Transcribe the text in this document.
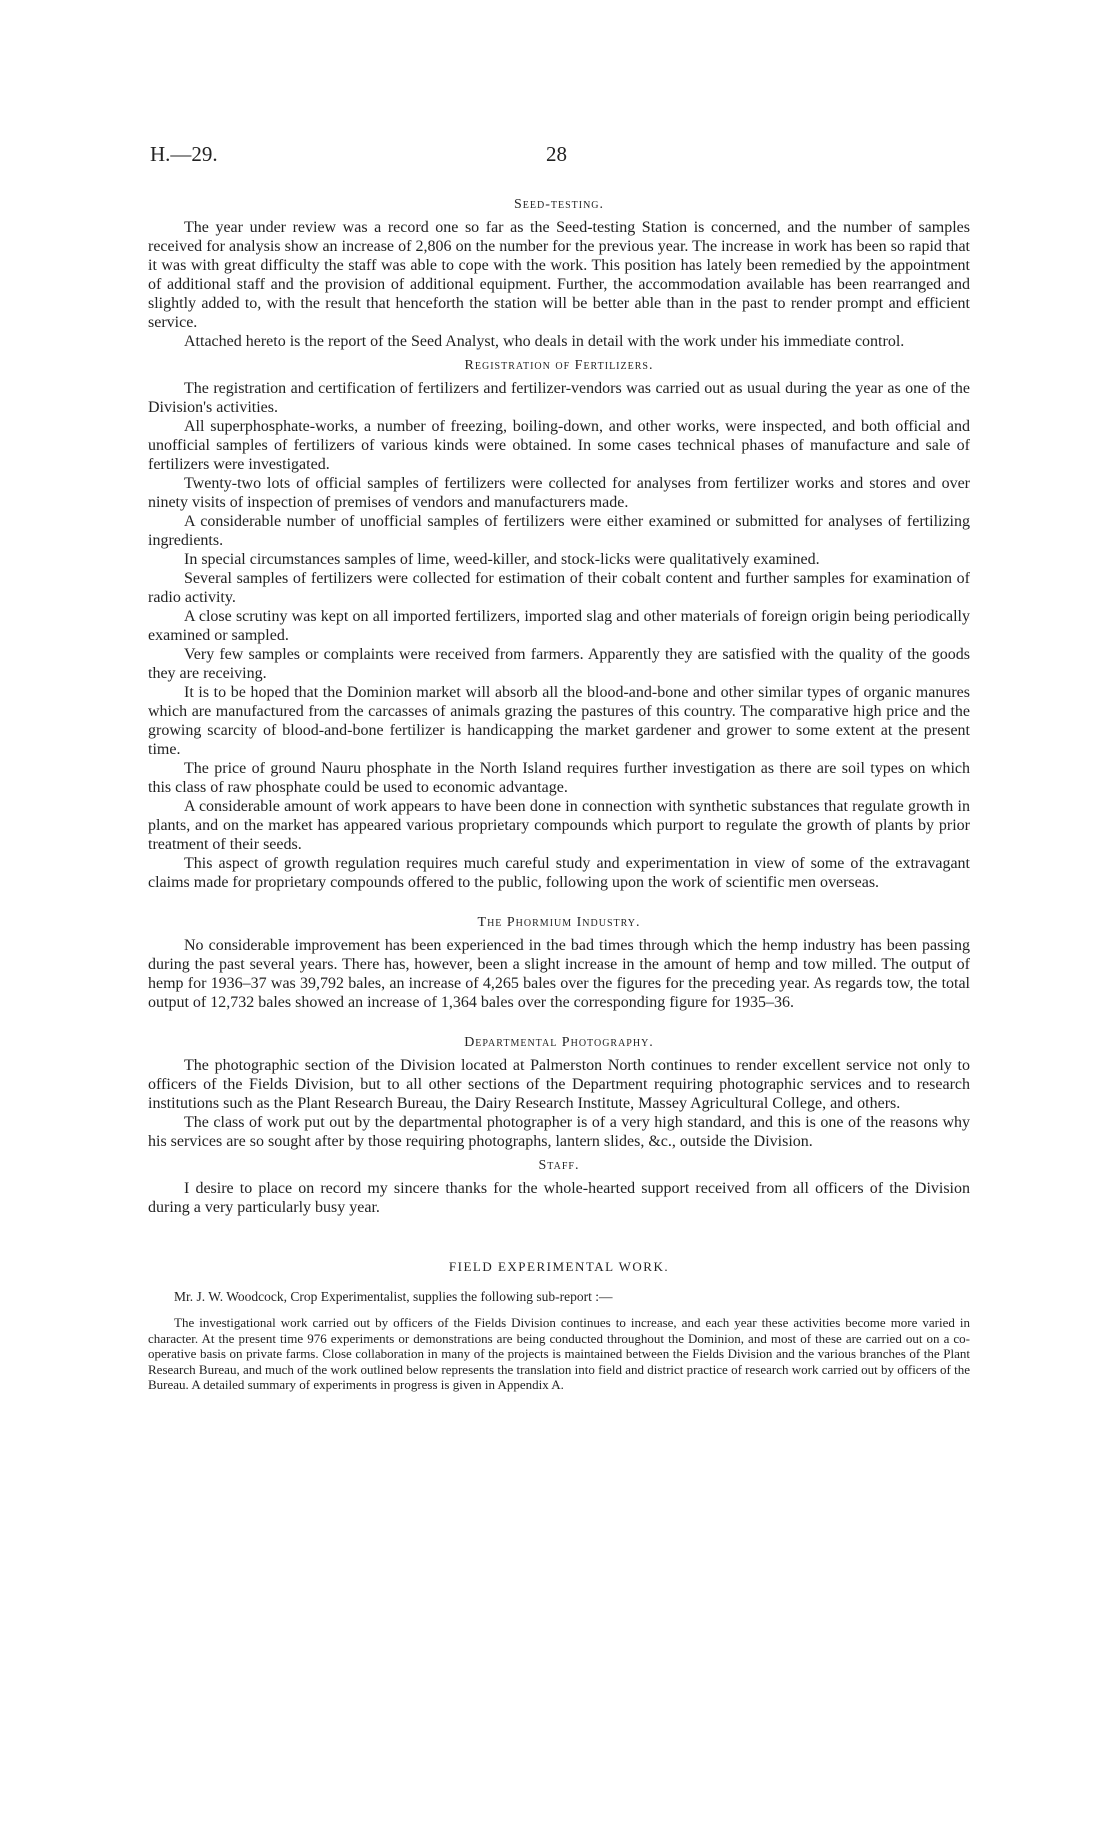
H.—29.	28
Seed-testing.

The year under review was a record one so far as the Seed-testing Station is concerned, and the number of samples received for analysis show an increase of 2,806 on the number for the previous year. The increase in work has been so rapid that it was with great difficulty the staff was able to cope with the work. This position has lately been remedied by the appointment of additional staff and the provision of additional equipment. Further, the accommodation available has been rearranged and slightly added to, with the result that henceforth the station will be better able than in the past to render prompt and efficient service.

Attached hereto is the report of the Seed Analyst, who deals in detail with the work under his immediate control.

Registration of Fertilizers.

The registration and certification of fertilizers and fertilizer-vendors was carried out as usual during the year as one of the Division's activities.

All superphosphate-works, a number of freezing, boiling-down, and other works, were inspected, and both official and unofficial samples of fertilizers of various kinds were obtained. In some cases technical phases of manufacture and sale of fertilizers were investigated.

Twenty-two lots of official samples of fertilizers were collected for analyses from fertilizer works and stores and over ninety visits of inspection of premises of vendors and manufacturers made.

A considerable number of unofficial samples of fertilizers were either examined or submitted for analyses of fertilizing ingredients.

In special circumstances samples of lime, weed-killer, and stock-licks were qualitatively examined.

Several samples of fertilizers were collected for estimation of their cobalt content and further samples for examination of radio activity.

A close scrutiny was kept on all imported fertilizers, imported slag and other materials of foreign origin being periodically examined or sampled.

Very few samples or complaints were received from farmers. Apparently they are satisfied with the quality of the goods they are receiving.

It is to be hoped that the Dominion market will absorb all the blood-and-bone and other similar types of organic manures which are manufactured from the carcasses of animals grazing the pastures of this country. The comparative high price and the growing scarcity of blood-and-bone fertilizer is handicapping the market gardener and grower to some extent at the present time.

The price of ground Nauru phosphate in the North Island requires further investigation as there are soil types on which this class of raw phosphate could be used to economic advantage.

A considerable amount of work appears to have been done in connection with synthetic substances that regulate growth in plants, and on the market has appeared various proprietary compounds which purport to regulate the growth of plants by prior treatment of their seeds.

This aspect of growth regulation requires much careful study and experimentation in view of some of the extravagant claims made for proprietary compounds offered to the public, following upon the work of scientific men overseas.

The Phormium Industry.

No considerable improvement has been experienced in the bad times through which the hemp industry has been passing during the past several years. There has, however, been a slight increase in the amount of hemp and tow milled. The output of hemp for 1936–37 was 39,792 bales, an increase of 4,265 bales over the figures for the preceding year. As regards tow, the total output of 12,732 bales showed an increase of 1,364 bales over the corresponding figure for 1935–36.

Departmental Photography.

The photographic section of the Division located at Palmerston North continues to render excellent service not only to officers of the Fields Division, but to all other sections of the Department requiring photographic services and to research institutions such as the Plant Research Bureau, the Dairy Research Institute, Massey Agricultural College, and others.

The class of work put out by the departmental photographer is of a very high standard, and this is one of the reasons why his services are so sought after by those requiring photographs, lantern slides, &c., outside the Division.

Staff.

I desire to place on record my sincere thanks for the whole-hearted support received from all officers of the Division during a very particularly busy year.

FIELD EXPERIMENTAL WORK.

Mr. J. W. Woodcock, Crop Experimentalist, supplies the following sub-report :—

The investigational work carried out by officers of the Fields Division continues to increase, and each year these activities become more varied in character. At the present time 976 experiments or demonstrations are being conducted throughout the Dominion, and most of these are carried out on a co-operative basis on private farms. Close collaboration in many of the projects is maintained between the Fields Division and the various branches of the Plant Research Bureau, and much of the work outlined below represents the translation into field and district practice of research work carried out by officers of the Bureau. A detailed summary of experiments in progress is given in Appendix A.
